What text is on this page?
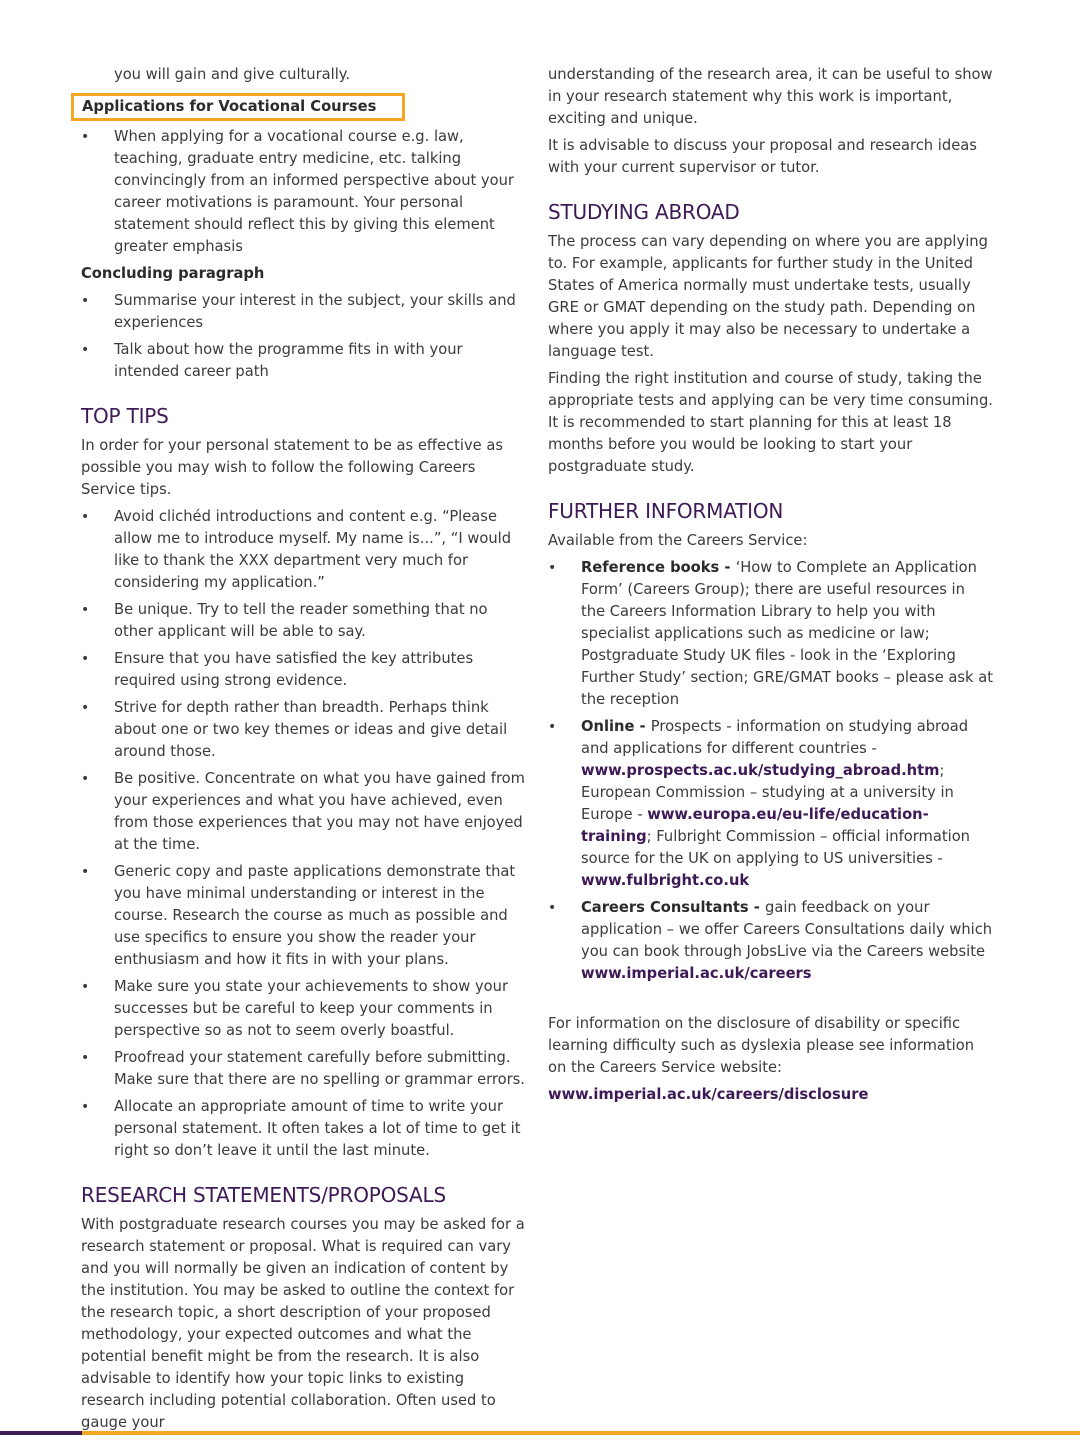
you will gain and give culturally.

Applications for Vocational Courses
• When applying for a vocational course e.g. law, teaching, graduate entry medicine, etc. talking convincingly from an informed perspective about your career motivations is paramount. Your personal statement should reflect this by giving this element greater emphasis
Concluding paragraph
• Summarise your interest in the subject, your skills and experiences
• Talk about how the programme fits in with your intended career path
TOP TIPS

In order for your personal statement to be as effective as possible you may wish to follow the following Careers Service tips.

• Avoid clichéd introductions and content e.g. “Please allow me to introduce myself. My name is...”, “I would like to thank the XXX department very much for considering my application.”
• Be unique. Try to tell the reader something that no other applicant will be able to say.
• Ensure that you have satisfied the key attributes required using strong evidence.
• Strive for depth rather than breadth. Perhaps think about one or two key themes or ideas and give detail around those.
• Be positive. Concentrate on what you have gained from your experiences and what you have achieved, even from those experiences that you may not have enjoyed at the time.
• Generic copy and paste applications demonstrate that you have minimal understanding or interest in the course. Research the course as much as possible and use specifics to ensure you show the reader your enthusiasm and how it fits in with your plans.
• Make sure you state your achievements to show your successes but be careful to keep your comments in perspective so as not to seem overly boastful.
• Proofread your statement carefully before submitting. Make sure that there are no spelling or grammar errors.
• Allocate an appropriate amount of time to write your personal statement. It often takes a lot of time to get it right so don’t leave it until the last minute.
RESEARCH STATEMENTS/PROPOSALS

With postgraduate research courses you may be asked for a research statement or proposal. What is required can vary and you will normally be given an indication of content by the institution. You may be asked to outline the context for the research topic, a short description of your proposed methodology, your expected outcomes and what the potential benefit might be from the research. It is also advisable to identify how your topic links to existing research including potential collaboration. Often used to gauge your

understanding of the research area, it can be useful to show in your research statement why this work is important, exciting and unique.

It is advisable to discuss your proposal and research ideas with your current supervisor or tutor.

STUDYING ABROAD

The process can vary depending on where you are applying to. For example, applicants for further study in the United States of America normally must undertake tests, usually GRE or GMAT depending on the study path. Depending on where you apply it may also be necessary to undertake a language test.

Finding the right institution and course of study, taking the appropriate tests and applying can be very time consuming. It is recommended to start planning for this at least 18 months before you would be looking to start your postgraduate study.

FURTHER INFORMATION

Available from the Careers Service:

• Reference books - ‘How to Complete an Application Form’ (Careers Group); there are useful resources in the Careers Information Library to help you with specialist applications such as medicine or law; Postgraduate Study UK files - look in the ‘Exploring Further Study’ section; GRE/GMAT books – please ask at the reception
• Online - Prospects - information on studying abroad and applications for different countries - www.prospects.ac.uk/studying_abroad.htm; European Commission – studying at a university in Europe - www.europa.eu/eu-life/education-training; Fulbright Commission – official information source for the UK on applying to US universities - www.fulbright.co.uk
• Careers Consultants - gain feedback on your application – we offer Careers Consultations daily which you can book through JobsLive via the Careers website www.imperial.ac.uk/careers

For information on the disclosure of disability or specific learning difficulty such as dyslexia please see information on the Careers Service website:

www.imperial.ac.uk/careers/disclosure
